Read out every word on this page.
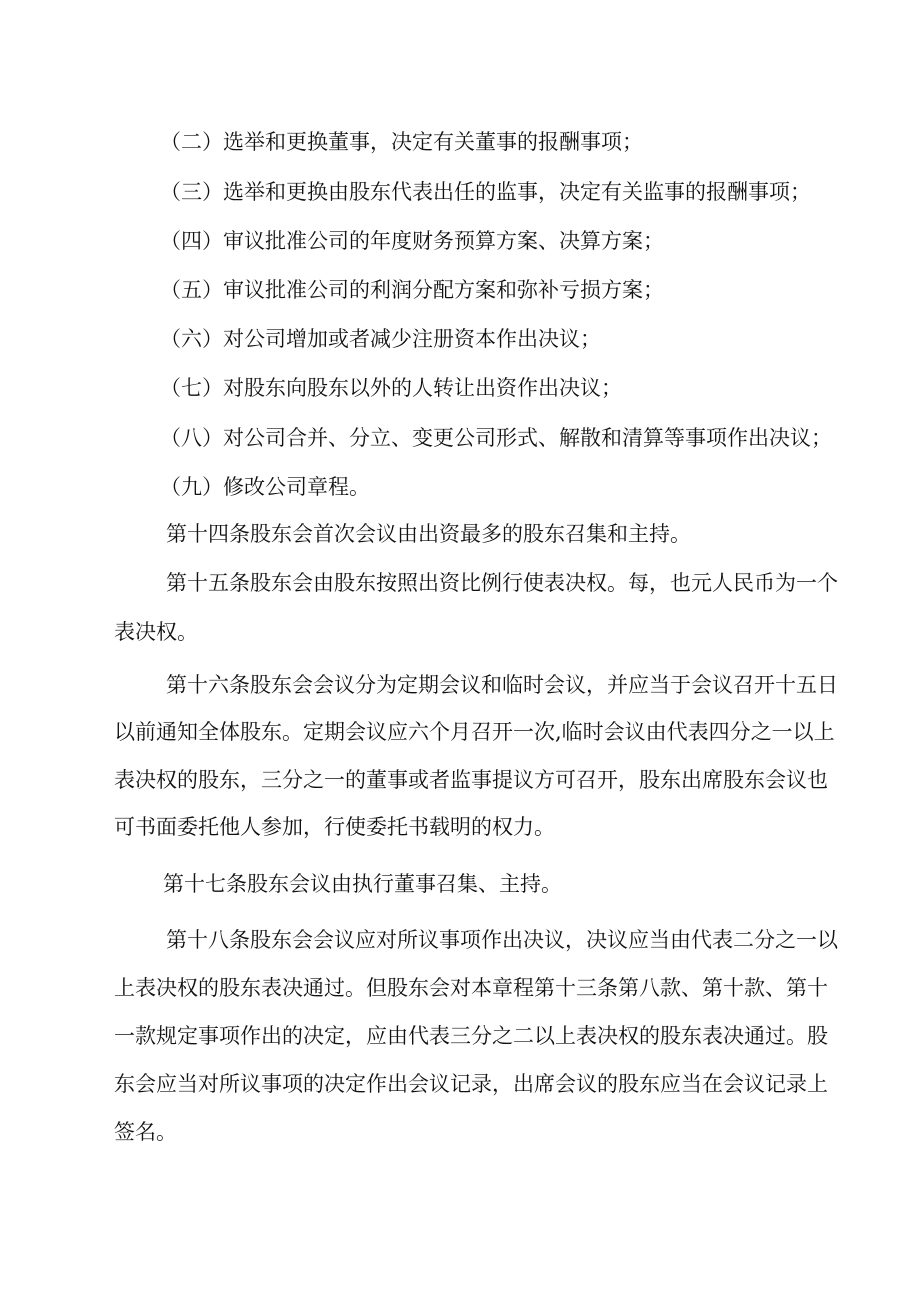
（二）选举和更换董事，决定有关董事的报酬事项；
（三）选举和更换由股东代表出任的监事，决定有关监事的报酬事项；
（四）审议批准公司的年度财务预算方案、决算方案；
（五）审议批准公司的利润分配方案和弥补亏损方案；
（六）对公司增加或者减少注册资本作出决议；
（七）对股东向股东以外的人转让出资作出决议；
（八）对公司合并、分立、变更公司形式、解散和清算等事项作出决议；
（九）修改公司章程。
第十四条股东会首次会议由出资最多的股东召集和主持。
第十五条股东会由股东按照出资比例行使表决权。每，也元人民币为一个
表决权。
第十六条股东会会议分为定期会议和临时会议，并应当于会议召开十五日
以前通知全体股东。定期会议应六个月召开一次,临时会议由代表四分之一以上
表决权的股东，三分之一的董事或者监事提议方可召开，股东出席股东会议也
可书面委托他人参加，行使委托书载明的权力。
第十七条股东会议由执行董事召集、主持。
第十八条股东会会议应对所议事项作出决议，决议应当由代表二分之一以
上表决权的股东表决通过。但股东会对本章程第十三条第八款、第十款、第十
一款规定事项作出的决定，应由代表三分之二以上表决权的股东表决通过。股
东会应当对所议事项的决定作出会议记录，出席会议的股东应当在会议记录上
签名。
